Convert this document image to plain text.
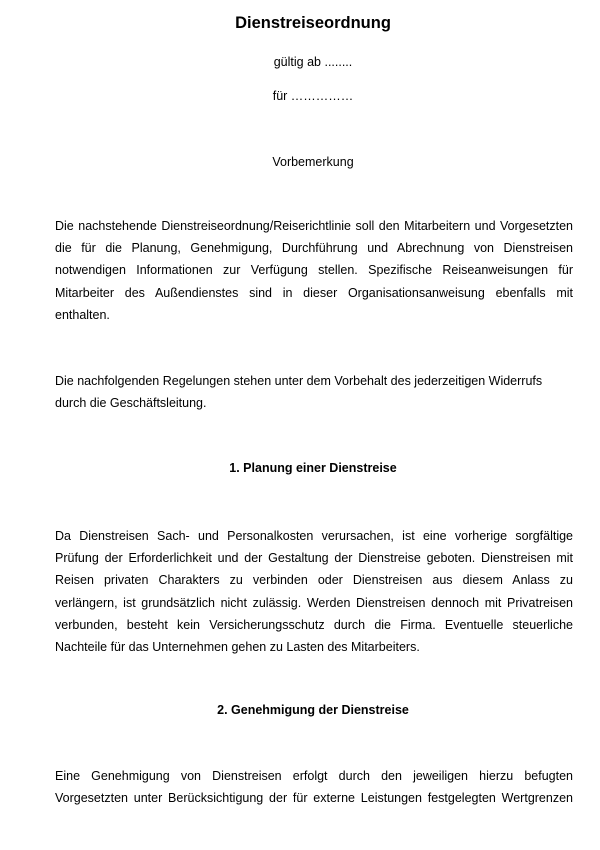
Dienstreiseordnung
gültig ab ........
für ……………
Vorbemerkung
Die nachstehende Dienstreiseordnung/Reiserichtlinie soll den Mitarbeitern und Vorgesetzten
die für die Planung, Genehmigung, Durchführung und Abrechnung von Dienstreisen
notwendigen Informationen zur Verfügung stellen. Spezifische Reiseanweisungen für
Mitarbeiter des Außendienstes sind in dieser Organisationsanweisung ebenfalls mit
enthalten.
Die nachfolgenden Regelungen stehen unter dem Vorbehalt des jederzeitigen Widerrufs
durch die Geschäftsleitung.
1. Planung einer Dienstreise
Da Dienstreisen Sach- und Personalkosten verursachen, ist eine vorherige sorgfältige
Prüfung der Erforderlichkeit und der Gestaltung der Dienstreise geboten. Dienstreisen mit
Reisen privaten Charakters zu verbinden oder Dienstreisen aus diesem Anlass zu
verlängern, ist grundsätzlich nicht zulässig. Werden Dienstreisen dennoch mit Privatreisen
verbunden, besteht kein Versicherungsschutz durch die Firma. Eventuelle steuerliche
Nachteile für das Unternehmen gehen zu Lasten des Mitarbeiters.
2. Genehmigung der Dienstreise
Eine Genehmigung von Dienstreisen erfolgt durch den jeweiligen hierzu befugten
Vorgesetzten unter Berücksichtigung der für externe Leistungen festgelegten Wertgrenzen
